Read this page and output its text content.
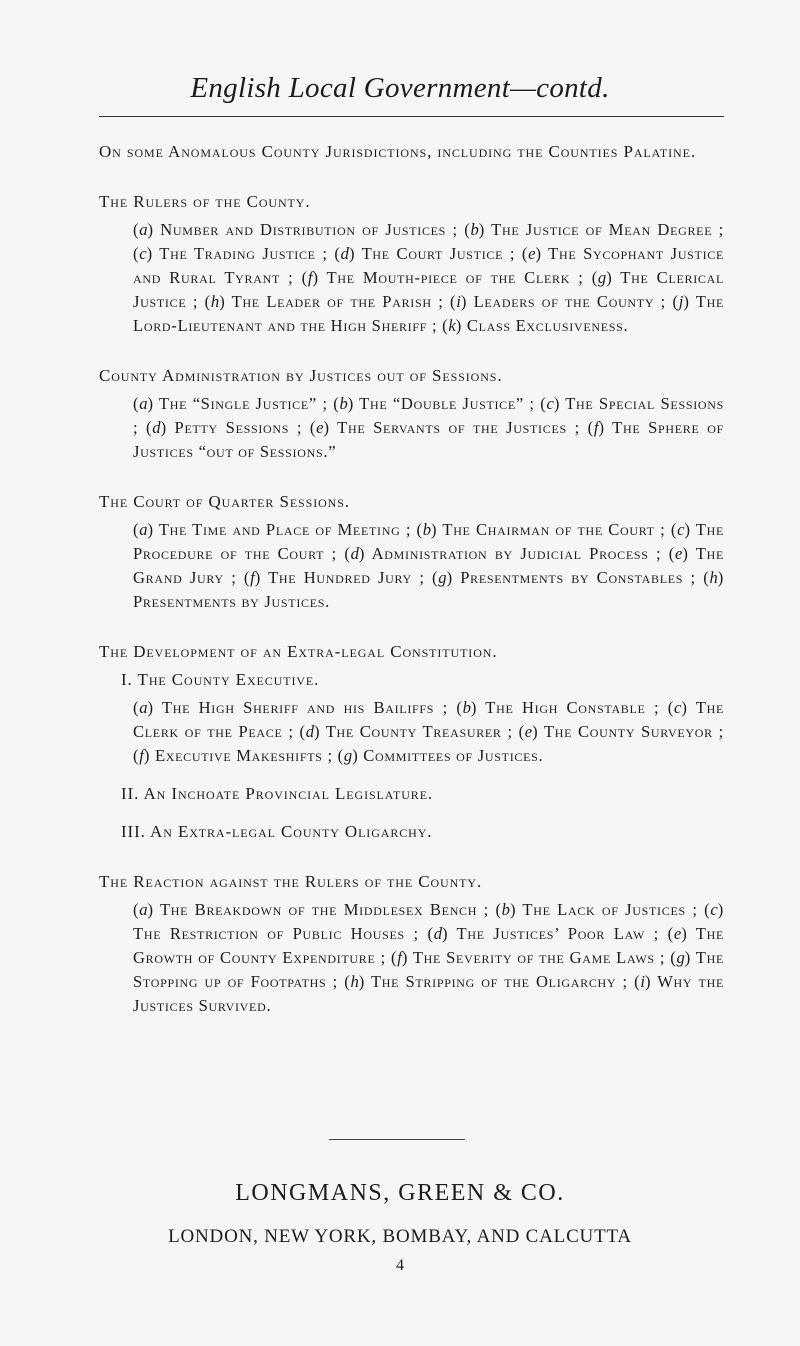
English Local Government—contd.
On some Anomalous County Jurisdictions, including the Counties Palatine.
The Rulers of the County.
(a) Number and Distribution of Justices ; (b) The Justice of Mean Degree ; (c) The Trading Justice ; (d) The Court Justice ; (e) The Sycophant Justice and Rural Tyrant ; (f) The Mouth-piece of the Clerk ; (g) The Clerical Justice ; (h) The Leader of the Parish ; (i) Leaders of the County ; (j) The Lord-Lieutenant and the High Sheriff ; (k) Class Exclusiveness.
County Administration by Justices out of Sessions.
(a) The “Single Justice” ; (b) The “Double Justice” ; (c) The Special Sessions ; (d) Petty Sessions ; (e) The Servants of the Justices ; (f) The Sphere of Justices “out of Sessions.”
The Court of Quarter Sessions.
(a) The Time and Place of Meeting ; (b) The Chairman of the Court ; (c) The Procedure of the Court ; (d) Administration by Judicial Process ; (e) The Grand Jury ; (f) The Hundred Jury ; (g) Presentments by Constables ; (h) Presentments by Justices.
The Development of an Extra-legal Constitution.
I. The County Executive.
(a) The High Sheriff and his Bailiffs ; (b) The High Constable ; (c) The Clerk of the Peace ; (d) The County Treasurer ; (e) The County Surveyor ; (f) Executive Makeshifts ; (g) Committees of Justices.
II. An Inchoate Provincial Legislature.
III. An Extra-legal County Oligarchy.
The Reaction against the Rulers of the County.
(a) The Breakdown of the Middlesex Bench ; (b) The Lack of Justices ; (c) The Restriction of Public Houses ; (d) The Justices’ Poor Law ; (e) The Growth of County Expenditure ; (f) The Severity of the Game Laws ; (g) The Stopping up of Footpaths ; (h) The Stripping of the Oligarchy ; (i) Why the Justices Survived.
LONGMANS, GREEN & CO.
LONDON, NEW YORK, BOMBAY, AND CALCUTTA
4
